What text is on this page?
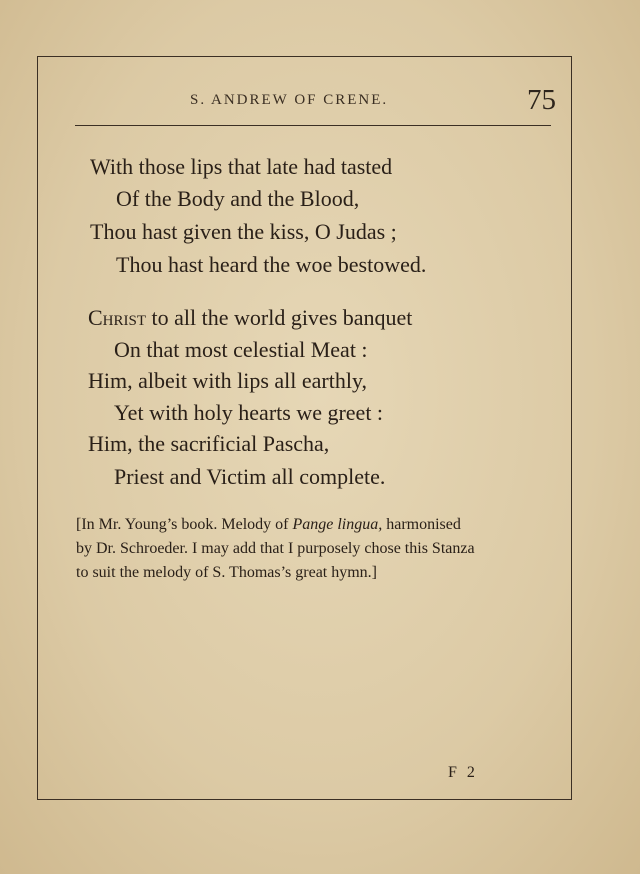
S. ANDREW OF CRENE.	75
With those lips that late had tasted
Of the Body and the Blood,
Thou hast given the kiss, O Judas ;
Thou hast heard the woe bestowed.
Christ to all the world gives banquet
On that most celestial Meat :
Him, albeit with lips all earthly,
Yet with holy hearts we greet :
Him, the sacrificial Pascha,
Priest and Victim all complete.
[In Mr. Young’s book. Melody of Pange lingua, harmonised
by Dr. Schroeder. I may add that I purposely chose this Stanza
to suit the melody of S. Thomas’s great hymn.]
F 2
